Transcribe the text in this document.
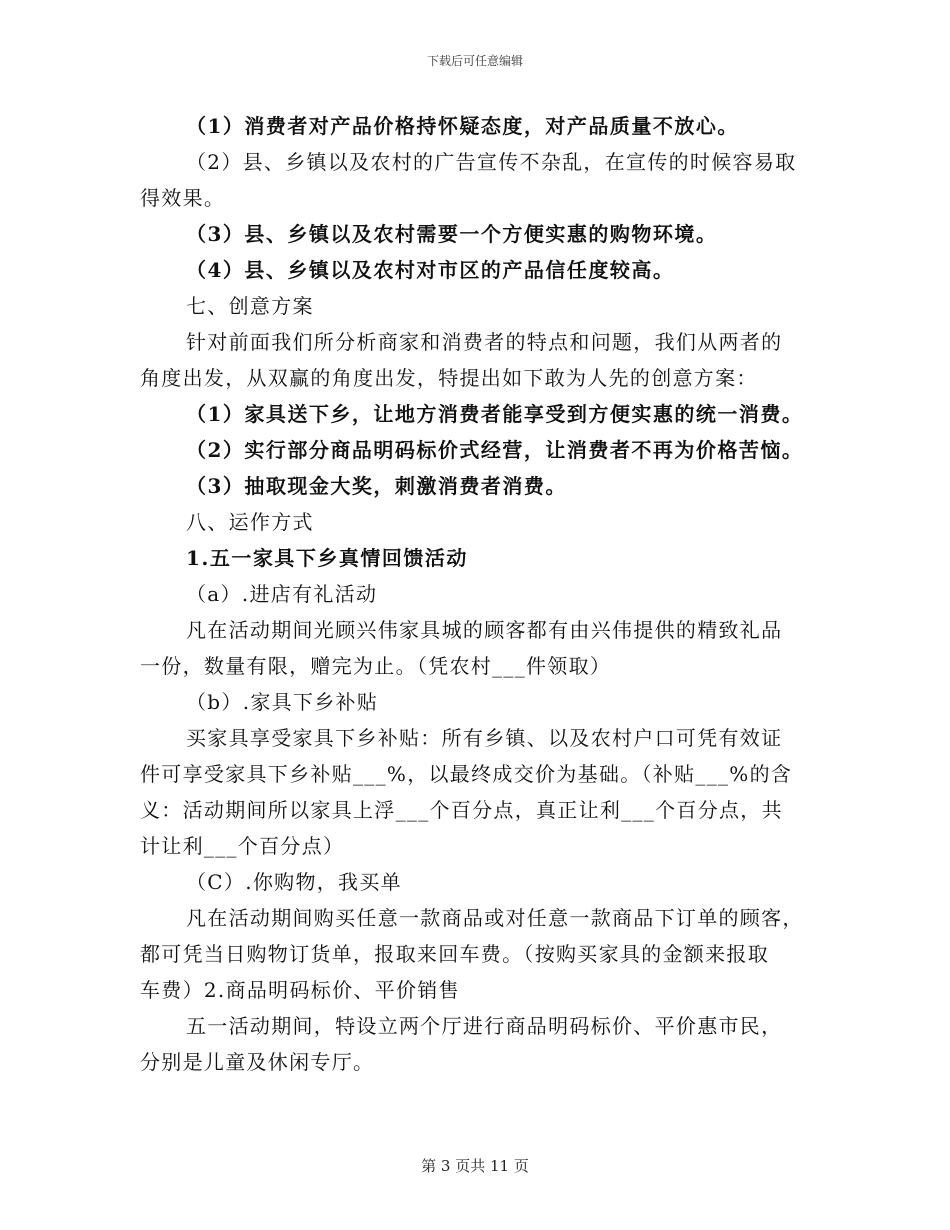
下载后可任意编辑
（1）消费者对产品价格持怀疑态度，对产品质量不放心。
（2）县、乡镇以及农村的广告宣传不杂乱，在宣传的时候容易取
得效果。
（3）县、乡镇以及农村需要一个方便实惠的购物环境。
（4）县、乡镇以及农村对市区的产品信任度较高。
七、创意方案
针对前面我们所分析商家和消费者的特点和问题，我们从两者的
角度出发，从双赢的角度出发，特提出如下敢为人先的创意方案：
（1）家具送下乡，让地方消费者能享受到方便实惠的统一消费。
（2）实行部分商品明码标价式经营，让消费者不再为价格苦恼。
（3）抽取现金大奖，刺激消费者消费。
八、运作方式
1.五一家具下乡真情回馈活动
（a）.进店有礼活动
凡在活动期间光顾兴伟家具城的顾客都有由兴伟提供的精致礼品
一份，数量有限，赠完为止。（凭农村___件领取）
（b）.家具下乡补贴
买家具享受家具下乡补贴：所有乡镇、以及农村户口可凭有效证
件可享受家具下乡补贴___%，以最终成交价为基础。（补贴___%的含
义：活动期间所以家具上浮___个百分点，真正让利___个百分点，共
计让利___个百分点）
（C）.你购物，我买单
凡在活动期间购买任意一款商品或对任意一款商品下订单的顾客，
都可凭当日购物订货单，报取来回车费。（按购买家具的金额来报取
车费）2.商品明码标价、平价销售
五一活动期间，特设立两个厅进行商品明码标价、平价惠市民，
分别是儿童及休闲专厅。
第 3 页共 11 页
